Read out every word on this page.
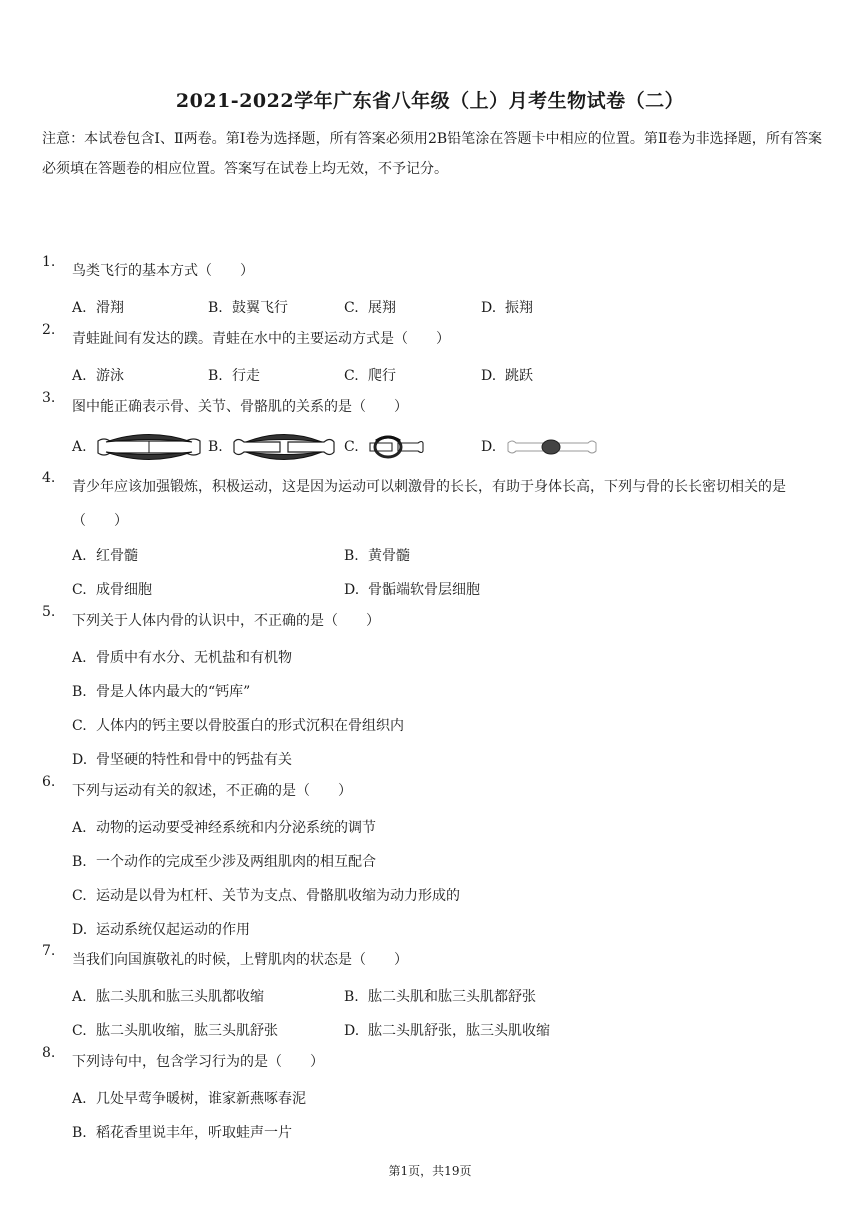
2021-2022学年广东省八年级（上）月考生物试卷（二）
注意：本试卷包含Ⅰ、Ⅱ两卷。第Ⅰ卷为选择题，所有答案必须用2B铅笔涂在答题卡中相应的位置。第Ⅱ卷为非选择题，所有答案必须填在答题卷的相应位置。答案写在试卷上均无效，不予记分。
1.
鸟类飞行的基本方式（　　）
A. 滑翔	B. 鼓翼飞行	C. 展翔	D. 振翔
2.
青蛙趾间有发达的蹼。青蛙在水中的主要运动方式是（　　）
A. 游泳	B. 行走	C. 爬行	D. 跳跃
3.
图中能正确表示骨、关节、骨骼肌的关系的是（　　）
A.	B.	C.	D.
4.
青少年应该加强锻炼，积极运动，这是因为运动可以刺激骨的长长，有助于身体长高，下列与骨的长长密切相关的是（　　）
A. 红骨髓	B. 黄骨髓
C. 成骨细胞	D. 骨骺端软骨层细胞
5.
下列关于人体内骨的认识中，不正确的是（　　）
A. 骨质中有水分、无机盐和有机物
B. 骨是人体内最大的“钙库”
C. 人体内的钙主要以骨胶蛋白的形式沉积在骨组织内
D. 骨坚硬的特性和骨中的钙盐有关
6.
下列与运动有关的叙述，不正确的是（　　）
A. 动物的运动要受神经系统和内分泌系统的调节
B. 一个动作的完成至少涉及两组肌肉的相互配合
C. 运动是以骨为杠杆、关节为支点、骨骼肌收缩为动力形成的
D. 运动系统仅起运动的作用
7.
当我们向国旗敬礼的时候，上臂肌肉的状态是（　　）
A. 肱二头肌和肱三头肌都收缩	B. 肱二头肌和肱三头肌都舒张
C. 肱二头肌收缩，肱三头肌舒张	D. 肱二头肌舒张，肱三头肌收缩
8.
下列诗句中，包含学习行为的是（　　）
A. 几处早莺争暖树，谁家新燕啄春泥
B. 稻花香里说丰年，听取蛙声一片
第1页，共19页
